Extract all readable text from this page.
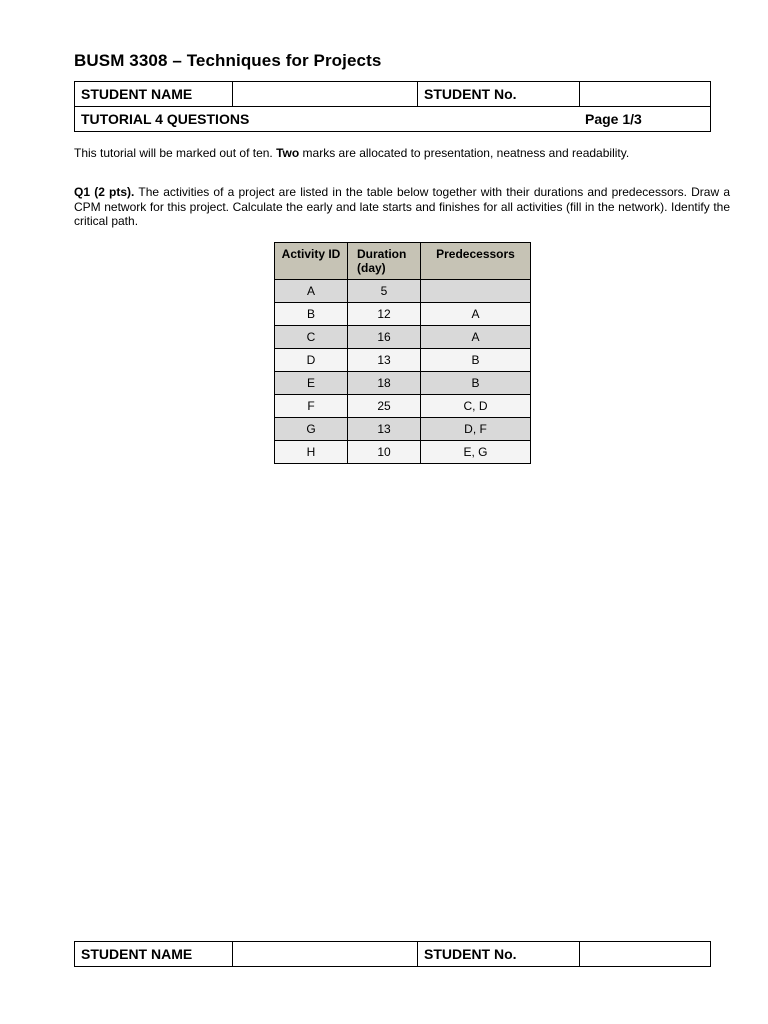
BUSM 3308 – Techniques for Projects
STUDENT NAME		STUDENT No.	
TUTORIAL 4 QUESTIONS	Page 1/3
This tutorial will be marked out of ten. Two marks are allocated to presentation, neatness and readability.
Q1 (2 pts). The activities of a project are listed in the table below together with their durations and predecessors. Draw a CPM network for this project. Calculate the early and late starts and finishes for all activities (fill in the network). Identify the critical path.
Activity ID	Duration (day)	Predecessors
A	5	
B	12	A
C	16	A
D	13	B
E	18	B
F	25	C, D
G	13	D, F
H	10	E, G
STUDENT NAME		STUDENT No.	
